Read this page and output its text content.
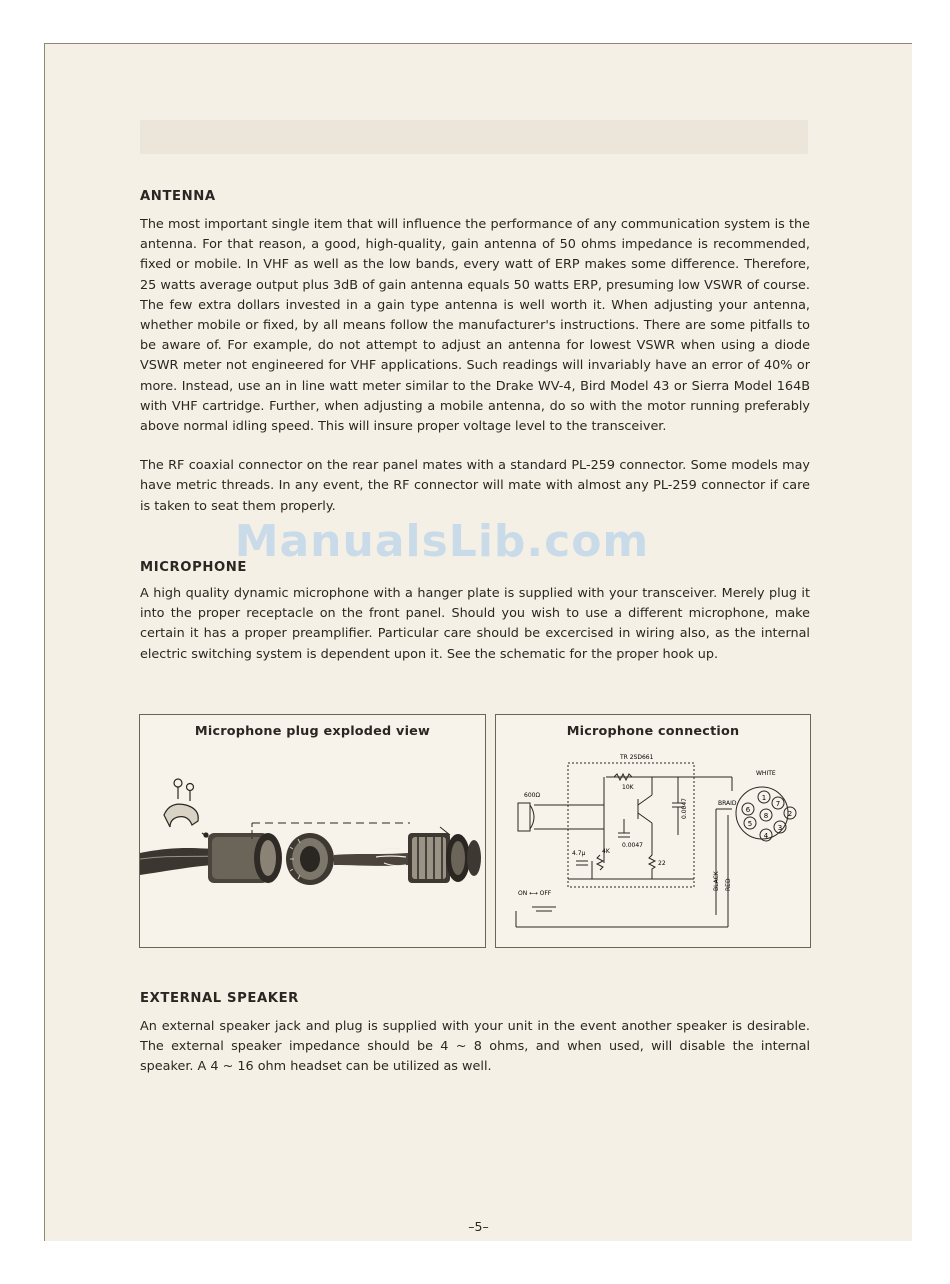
ANTENNA

The most important single item that will influence the performance of any communication system is the antenna. For that reason, a good, high-quality, gain antenna of 50 ohms impedance is recommended, fixed or mobile. In VHF as well as the low bands, every watt of ERP makes some difference. Therefore, 25 watts average output plus 3dB of gain antenna equals 50 watts ERP, presuming low VSWR of course. The few extra dollars invested in a gain type antenna is well worth it. When adjusting your antenna, whether mobile or fixed, by all means follow the manufacturer's instructions. There are some pitfalls to be aware of. For example, do not attempt to adjust an antenna for lowest VSWR when using a diode VSWR meter not engineered for VHF applications. Such readings will invariably have an error of 40% or more. Instead, use an in line watt meter similar to the Drake WV-4, Bird Model 43 or Sierra Model 164B with VHF cartridge. Further, when adjusting a mobile antenna, do so with the motor running preferably above normal idling speed. This will insure proper voltage level to the transceiver.

The RF coaxial connector on the rear panel mates with a standard PL-259 connector. Some models may have metric threads. In any event, the RF connector will mate with almost any PL-259 connector if care is taken to seat them properly.

MICROPHONE

A high quality dynamic microphone with a hanger plate is supplied with your transceiver. Merely plug it into the proper receptacle on the front panel. Should you wish to use a different microphone, make certain it has a proper preamplifier. Particular care should be excercised in wiring also, as the internal electric switching system is dependent upon it. See the schematic for the proper hook up.

Microphone plug exploded view	Microphone connection
TR 2SD661
600Ω
10K
0.0047
0.0047
22
4.7μ	4K
ON ⟷ OFF
WHITE
BRAID
BLACK RED
1
2
3
4
5
6
7
8
EXTERNAL SPEAKER

An external speaker jack and plug is supplied with your unit in the event another speaker is desirable. The external speaker impedance should be 4 ~ 8 ohms, and when used, will disable the internal speaker. A 4 ~ 16 ohm headset can be utilized as well.

–5–
ManualsLib.com
